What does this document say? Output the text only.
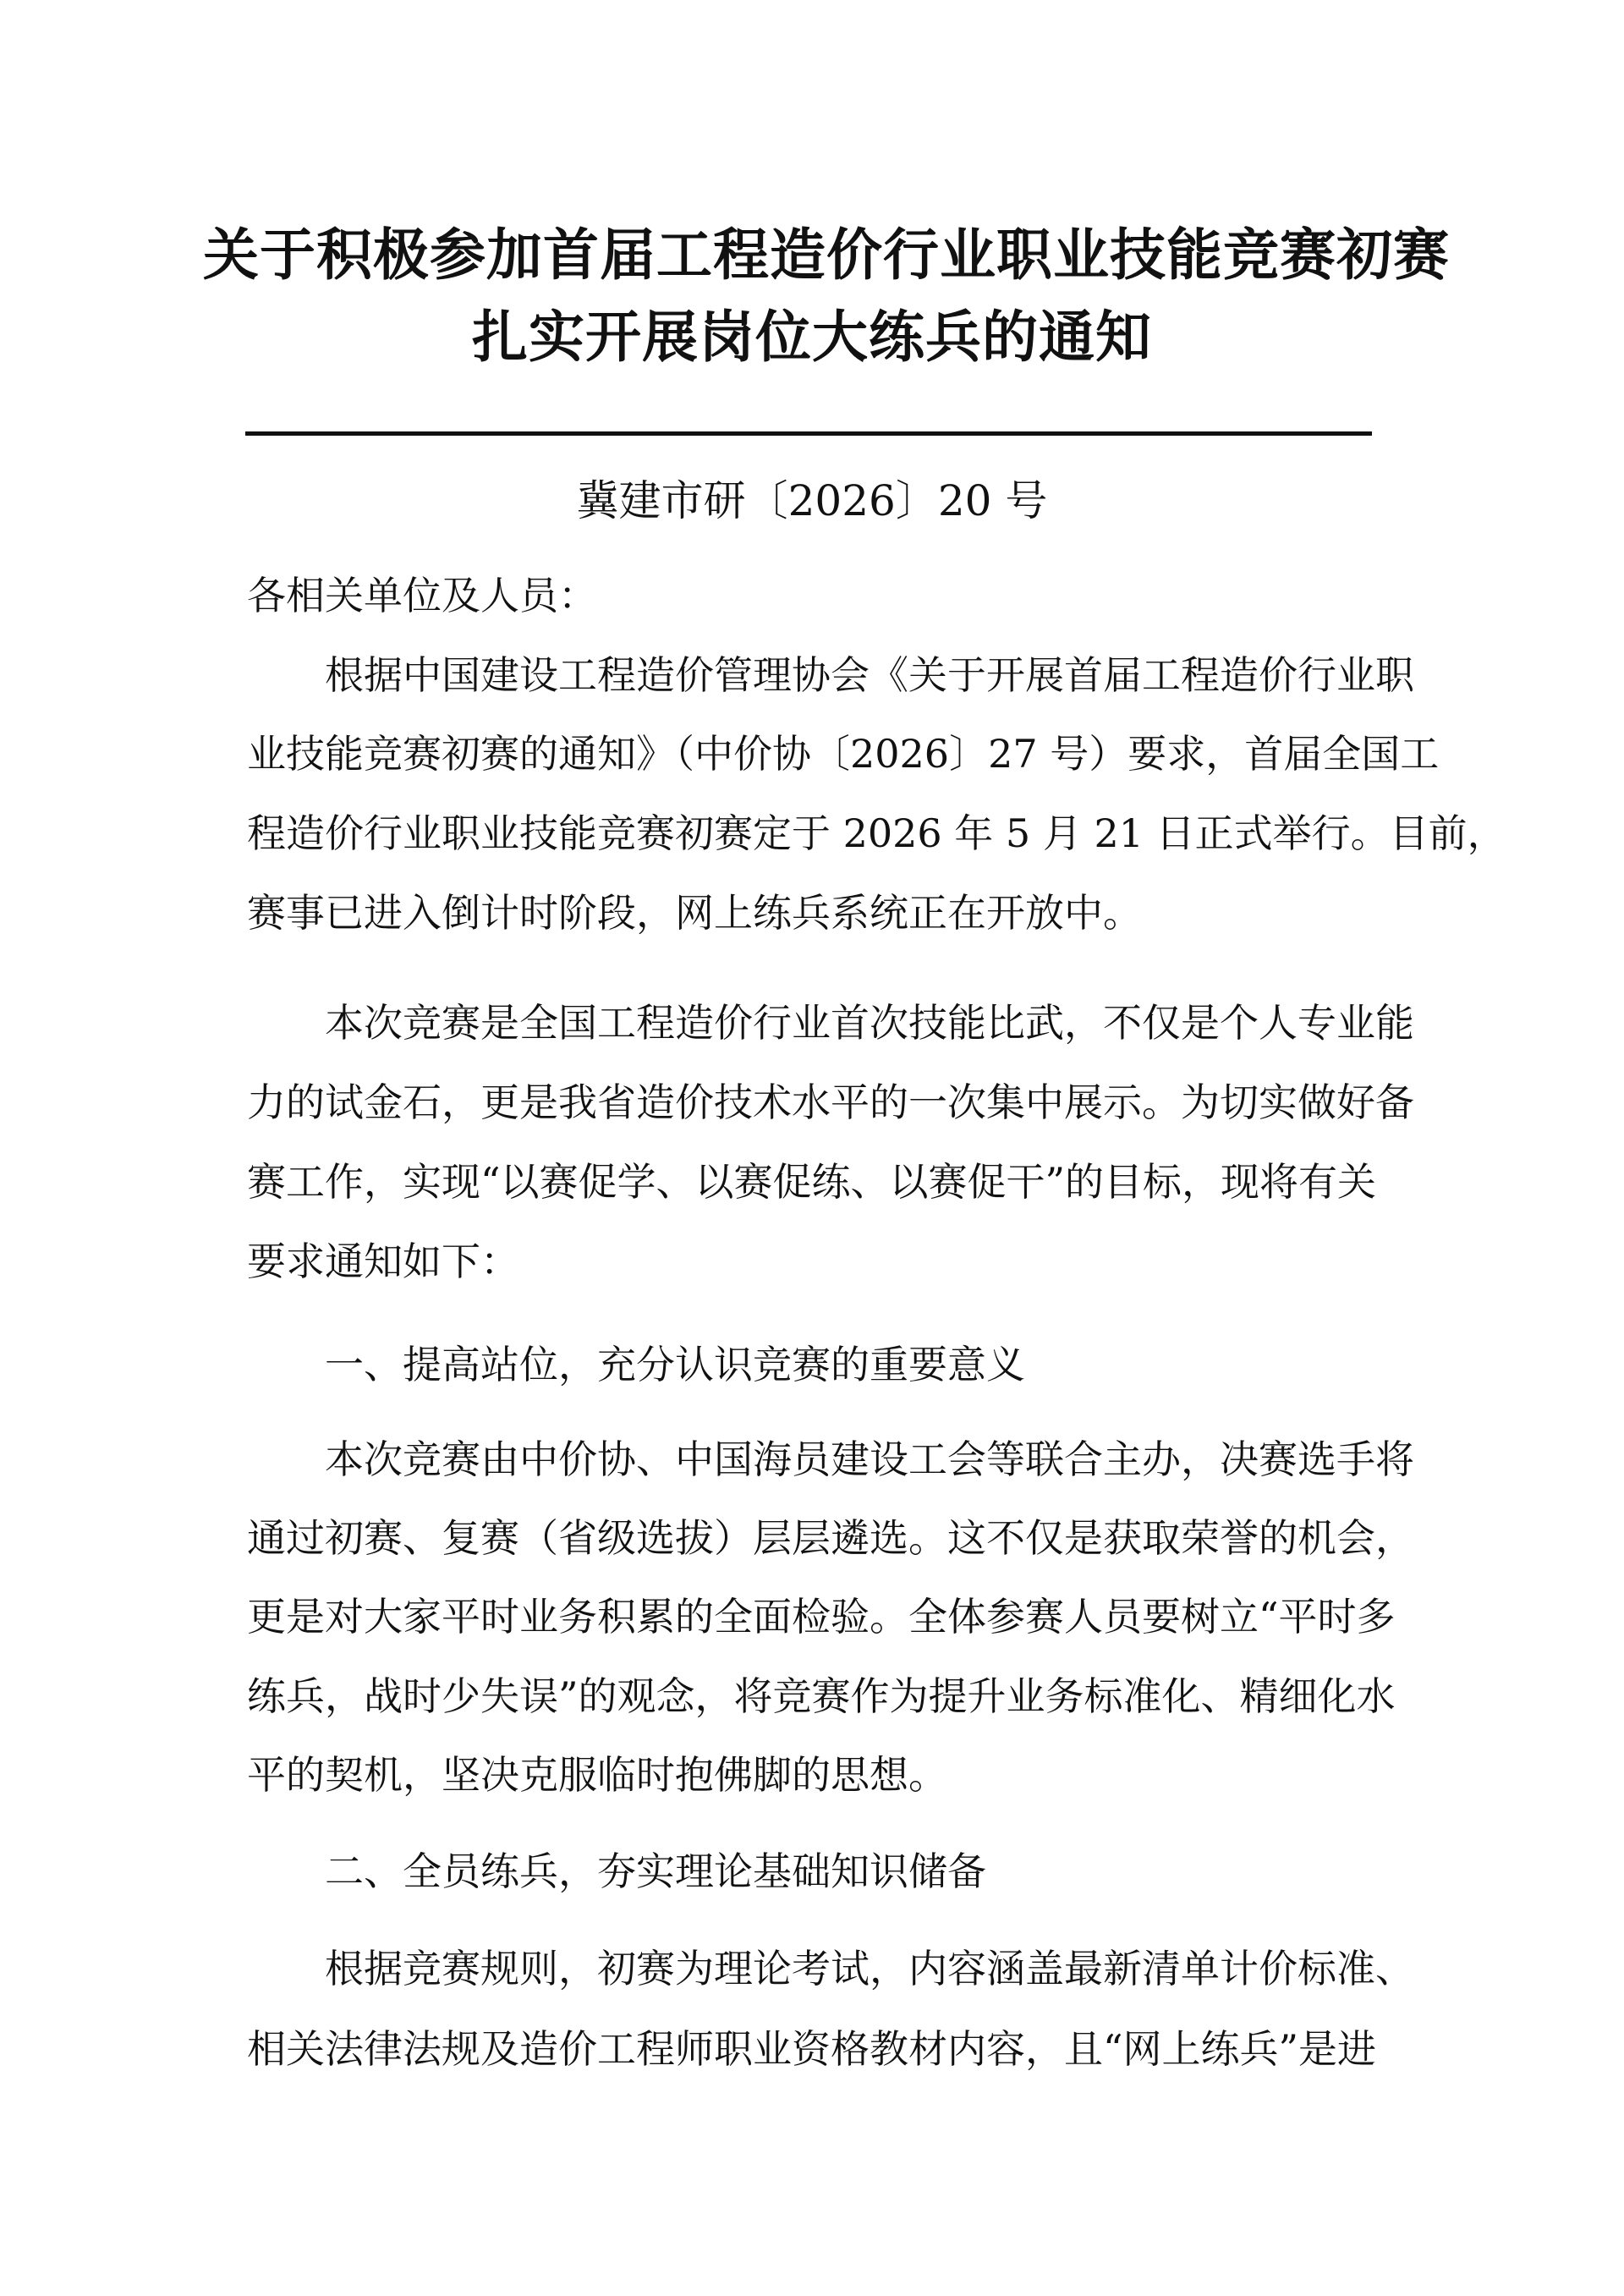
关于积极参加首届工程造价行业职业技能竞赛初赛
扎实开展岗位大练兵的通知
冀建市研〔2026〕20 号
各相关单位及人员：
根据中国建设工程造价管理协会《关于开展首届工程造价行业职
业技能竞赛初赛的通知》（中价协〔2026〕27 号）要求，首届全国工
程造价行业职业技能竞赛初赛定于 2026 年 5 月 21 日正式举行。目前，
赛事已进入倒计时阶段，网上练兵系统正在开放中。
本次竞赛是全国工程造价行业首次技能比武，不仅是个人专业能
力的试金石，更是我省造价技术水平的一次集中展示。为切实做好备
赛工作，实现“以赛促学、以赛促练、以赛促干”的目标，现将有关
要求通知如下：
一、提高站位，充分认识竞赛的重要意义
本次竞赛由中价协、中国海员建设工会等联合主办，决赛选手将
通过初赛、复赛（省级选拔）层层遴选。这不仅是获取荣誉的机会，
更是对大家平时业务积累的全面检验。全体参赛人员要树立“平时多
练兵，战时少失误”的观念，将竞赛作为提升业务标准化、精细化水
平的契机，坚决克服临时抱佛脚的思想。
二、全员练兵，夯实理论基础知识储备
根据竞赛规则，初赛为理论考试，内容涵盖最新清单计价标准、
相关法律法规及造价工程师职业资格教材内容，且“网上练兵”是进
